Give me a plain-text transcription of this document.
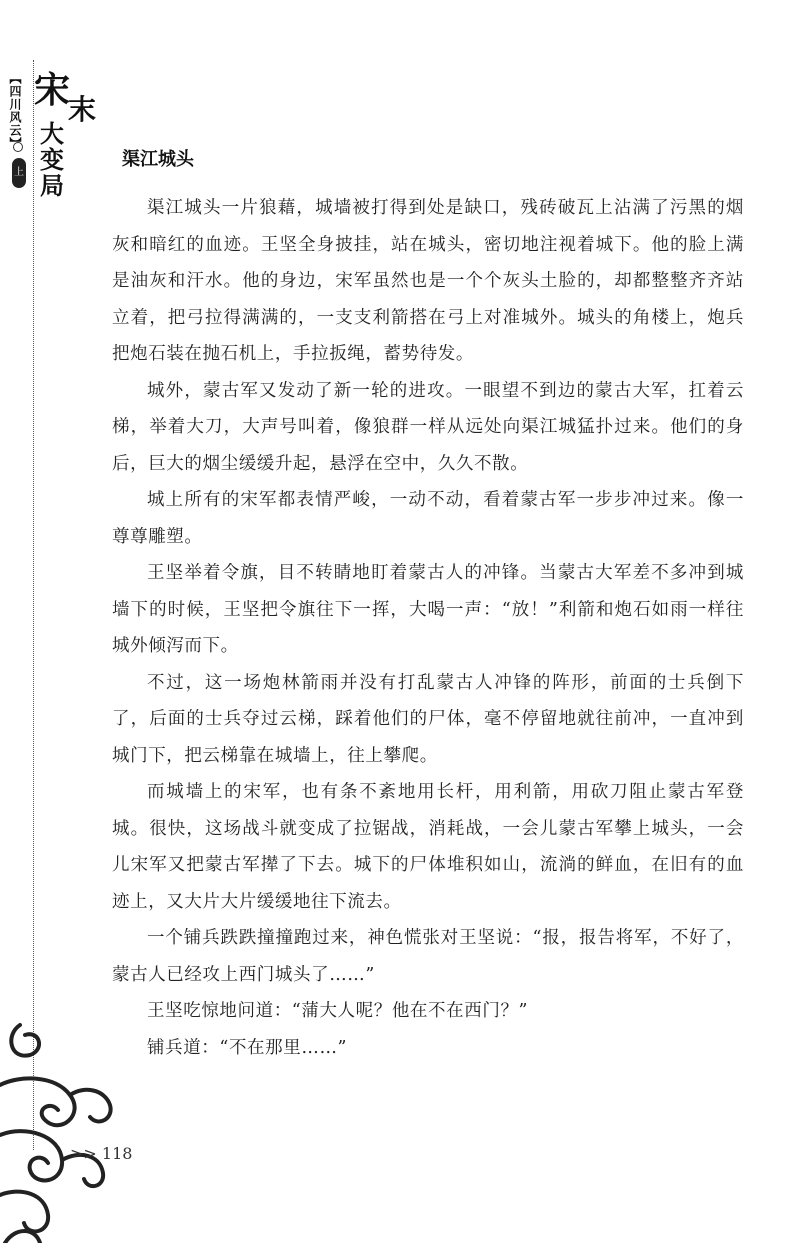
【四川风云】
上
宋
末
大
变
局
渠江城头

渠江城头一片狼藉，城墙被打得到处是缺口，残砖破瓦上沾满了污黑的烟灰和暗红的血迹。王坚全身披挂，站在城头，密切地注视着城下。他的脸上满是油灰和汗水。他的身边，宋军虽然也是一个个灰头土脸的，却都整整齐齐站立着，把弓拉得满满的，一支支利箭搭在弓上对准城外。城头的角楼上，炮兵把炮石装在抛石机上，手拉扳绳，蓄势待发。

城外，蒙古军又发动了新一轮的进攻。一眼望不到边的蒙古大军，扛着云梯，举着大刀，大声号叫着，像狼群一样从远处向渠江城猛扑过来。他们的身后，巨大的烟尘缓缓升起，悬浮在空中，久久不散。

城上所有的宋军都表情严峻，一动不动，看着蒙古军一步步冲过来。像一尊尊雕塑。

王坚举着令旗，目不转睛地盯着蒙古人的冲锋。当蒙古大军差不多冲到城墙下的时候，王坚把令旗往下一挥，大喝一声：“放！”利箭和炮石如雨一样往城外倾泻而下。

不过，这一场炮林箭雨并没有打乱蒙古人冲锋的阵形，前面的士兵倒下了，后面的士兵夺过云梯，踩着他们的尸体，毫不停留地就往前冲，一直冲到城门下，把云梯靠在城墙上，往上攀爬。

而城墙上的宋军，也有条不紊地用长杆，用利箭，用砍刀阻止蒙古军登城。很快，这场战斗就变成了拉锯战，消耗战，一会儿蒙古军攀上城头，一会儿宋军又把蒙古军撵了下去。城下的尸体堆积如山，流淌的鲜血，在旧有的血迹上，又大片大片缓缓地往下流去。

一个铺兵跌跌撞撞跑过来，神色慌张对王坚说：“报，报告将军，不好了，蒙古人已经攻上西门城头了……”

王坚吃惊地问道：“蒲大人呢？他在不在西门？”

铺兵道：“不在那里……”

>> 118
